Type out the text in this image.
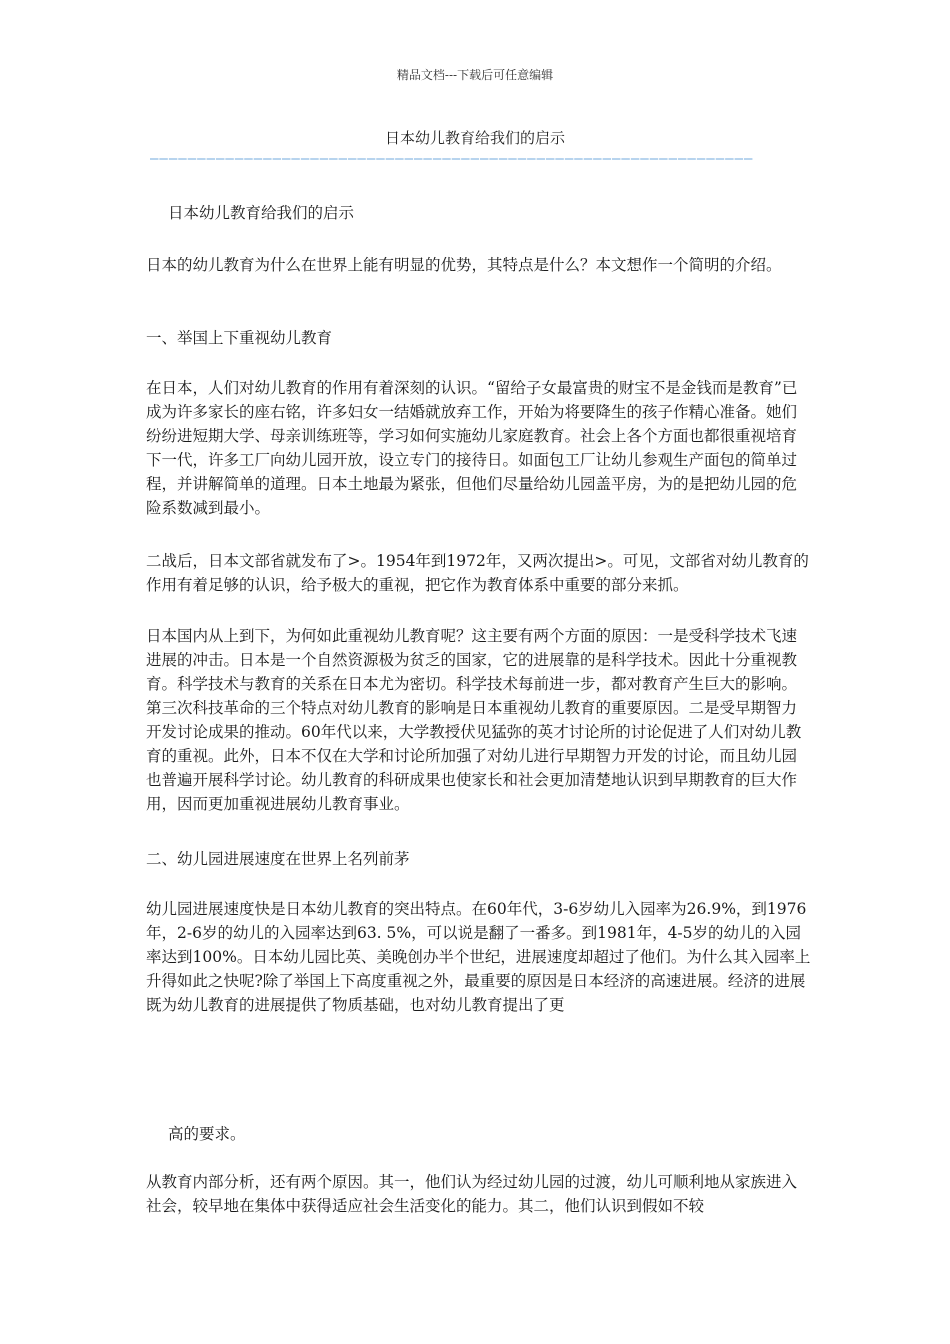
精品文档---下载后可任意编辑
日本幼儿教育给我们的启示
————————————————————————————————————————————————————————————————

日本幼儿教育给我们的启示

日本的幼儿教育为什么在世界上能有明显的优势，其特点是什么？本文想作一个简明的介绍。

一、举国上下重视幼儿教育

在日本，人们对幼儿教育的作用有着深刻的认识。“留给子女最富贵的财宝不是金钱而是教育”已成为许多家长的座右铭，许多妇女一结婚就放弃工作，开始为将要降生的孩子作精心准备。她们纷纷进短期大学、母亲训练班等，学习如何实施幼儿家庭教育。社会上各个方面也都很重视培育下一代，许多工厂向幼儿园开放，设立专门的接待日。如面包工厂让幼儿参观生产面包的简单过程，并讲解简单的道理。日本土地最为紧张，但他们尽量给幼儿园盖平房，为的是把幼儿园的危险系数减到最小。

二战后，日本文部省就发布了>。1954年到1972年，又两次提出>。可见，文部省对幼儿教育的作用有着足够的认识，给予极大的重视，把它作为教育体系中重要的部分来抓。

日本国内从上到下，为何如此重视幼儿教育呢？这主要有两个方面的原因：一是受科学技术飞速进展的冲击。日本是一个自然资源极为贫乏的国家，它的进展靠的是科学技术。因此十分重视教育。科学技术与教育的关系在日本尤为密切。科学技术每前进一步，都对教育产生巨大的影响。第三次科技革命的三个特点对幼儿教育的影响是日本重视幼儿教育的重要原因。二是受早期智力开发讨论成果的推动。60年代以来，大学教授伏见猛弥的英才讨论所的讨论促进了人们对幼儿教育的重视。此外，日本不仅在大学和讨论所加强了对幼儿进行早期智力开发的讨论，而且幼儿园也普遍开展科学讨论。幼儿教育的科研成果也使家长和社会更加清楚地认识到早期教育的巨大作用，因而更加重视进展幼儿教育事业。

二、幼儿园进展速度在世界上名列前茅

幼儿园进展速度快是日本幼儿教育的突出特点。在60年代，3-6岁幼儿入园率为26.9%，到1976年，2-6岁的幼儿的入园率达到63. 5%，可以说是翻了一番多。到1981年，4-5岁的幼儿的入园率达到100%。日本幼儿园比英、美晚创办半个世纪，进展速度却超过了他们。为什么其入园率上升得如此之快呢?除了举国上下高度重视之外，最重要的原因是日本经济的高速进展。经济的进展既为幼儿教育的进展提供了物质基础，也对幼儿教育提出了更

高的要求。

从教育内部分析，还有两个原因。其一，他们认为经过幼儿园的过渡，幼儿可顺利地从家族进入社会，较早地在集体中获得适应社会生活变化的能力。其二，他们认识到假如不较
